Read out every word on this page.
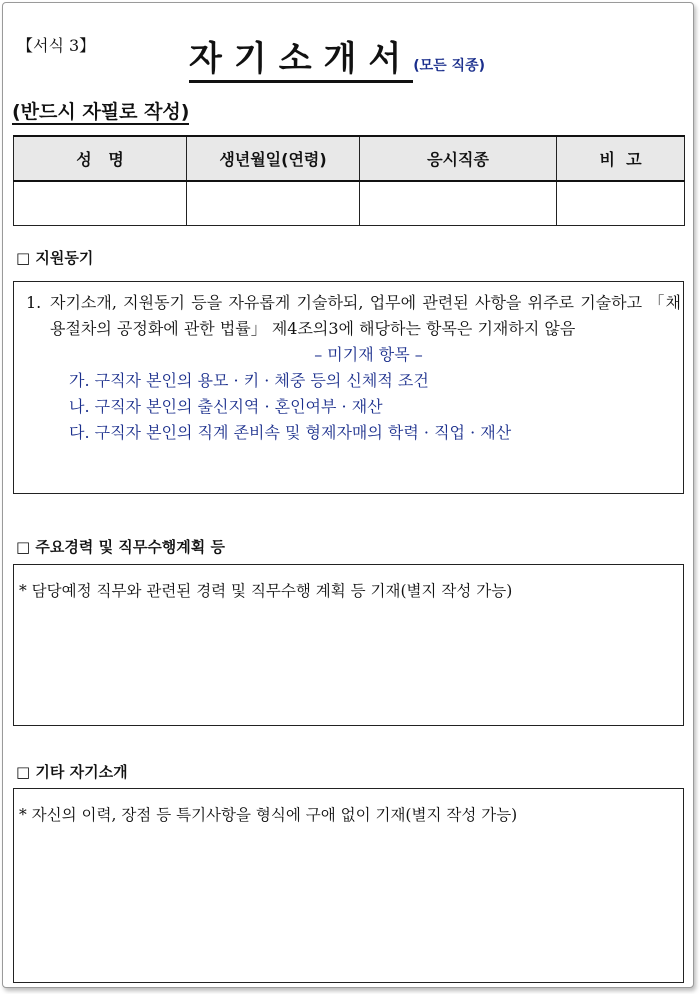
【서식 3】	자기소개서(모든 직종)
(반드시 자필로 작성)
성   명	생년월일(연령)	응시직종	비  고

□ 지원동기
1. 자기소개, 지원동기 등을 자유롭게 기술하되, 업무에 관련된 사항을 위주로 기술하고 「채용절차의 공정화에 관한 법률」 제4조의3에 해당하는 항목은 기재하지 않음
– 미기재 항목 –
가. 구직자 본인의 용모 · 키 · 체중 등의 신체적 조건
나. 구직자 본인의 출신지역 · 혼인여부 · 재산
다. 구직자 본인의 직계 존비속 및 형제자매의 학력 · 직업 · 재산
□ 주요경력 및 직무수행계획 등
* 담당예정 직무와 관련된 경력 및 직무수행 계획 등 기재(별지 작성 가능)
□ 기타 자기소개
* 자신의 이력, 장점 등 특기사항을 형식에 구애 없이 기재(별지 작성 가능)
